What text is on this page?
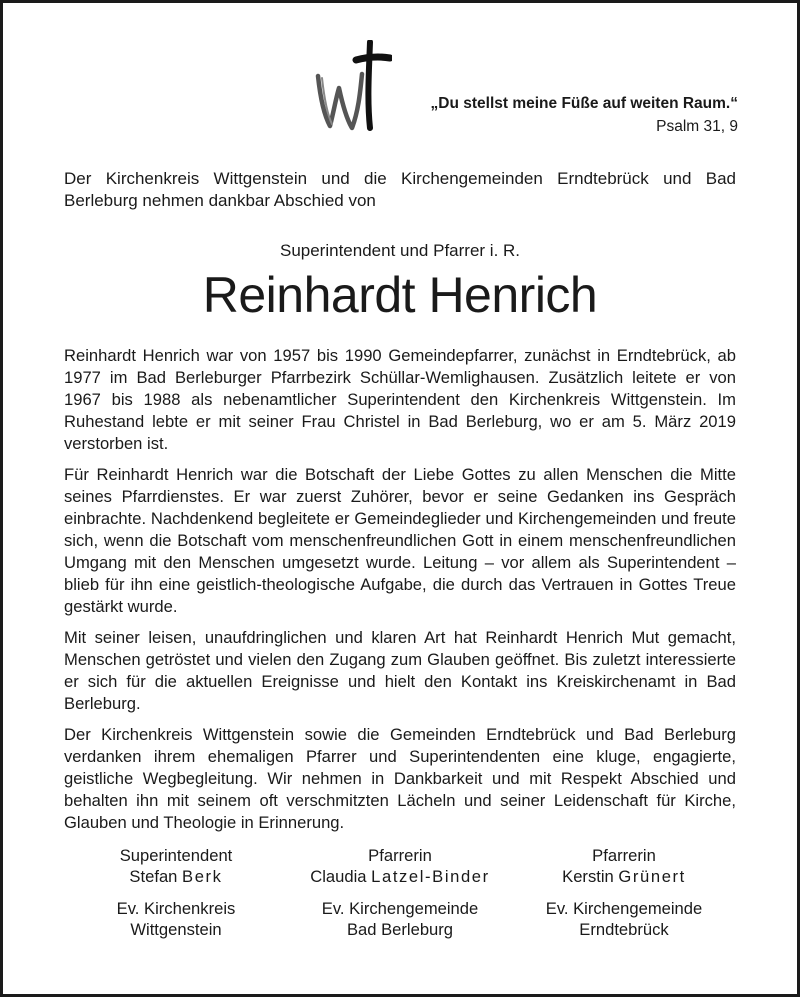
„Du stellst meine Füße auf weiten Raum.“
Psalm 31, 9
Der Kirchenkreis Wittgenstein und die Kirchengemeinden Erndtebrück und Bad Berleburg nehmen dankbar Abschied von
Superintendent und Pfarrer i. R.
Reinhardt Henrich

Reinhardt Henrich war von 1957 bis 1990 Gemeindepfarrer, zunächst in Erndtebrück, ab 1977 im Bad Berleburger Pfarrbezirk Schüllar-Wemlighausen. Zusätzlich leitete er von 1967 bis 1988 als nebenamtlicher Superintendent den Kirchenkreis Wittgenstein. Im Ruhestand lebte er mit seiner Frau Christel in Bad Berleburg, wo er am 5. März 2019 verstorben ist.

Für Reinhardt Henrich war die Botschaft der Liebe Gottes zu allen Menschen die Mitte seines Pfarrdienstes. Er war zuerst Zuhörer, bevor er seine Gedanken ins Gespräch einbrachte. Nachdenkend begleitete er Gemeindeglieder und Kirchengemeinden und freute sich, wenn die Botschaft vom menschenfreundlichen Gott in einem menschenfreundlichen Umgang mit den Menschen umgesetzt wurde. Leitung – vor allem als Superintendent – blieb für ihn eine geistlich-theologische Aufgabe, die durch das Vertrauen in Gottes Treue gestärkt wurde.

Mit seiner leisen, unaufdringlichen und klaren Art hat Reinhardt Henrich Mut gemacht, Menschen getröstet und vielen den Zugang zum Glauben geöffnet. Bis zuletzt interessierte er sich für die aktuellen Ereignisse und hielt den Kontakt ins Kreiskirchenamt in Bad Berleburg.

Der Kirchenkreis Wittgenstein sowie die Gemeinden Erndtebrück und Bad Berleburg verdanken ihrem ehemaligen Pfarrer und Superintendenten eine kluge, engagierte, geistliche Wegbegleitung. Wir nehmen in Dankbarkeit und mit Respekt Abschied und behalten ihn mit seinem oft verschmitzten Lächeln und seiner Leidenschaft für Kirche, Glauben und Theologie in Erinnerung.

Superintendent
Stefan Berk
Ev. Kirchenkreis
Wittgenstein
Pfarrerin
Claudia Latzel-Binder
Ev. Kirchengemeinde
Bad Berleburg
Pfarrerin
Kerstin Grünert
Ev. Kirchengemeinde
Erndtebrück
